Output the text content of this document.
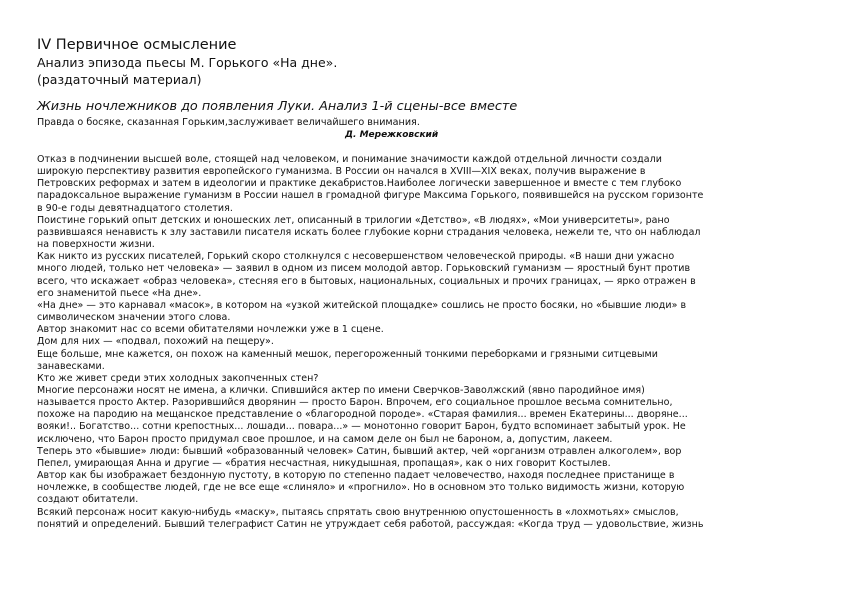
IV Первичное осмысление

Анализ эпизода пьесы М. Горького «На дне».

(раздаточный материал)

Жизнь ночлежников до появления Луки. Анализ 1-й сцены-все вместе

Правда о босяке, сказанная Горьким,заслуживает величайшего внимания.
Д. Мережковский

Отказ в подчинении высшей воле, стоящей над человеком, и понимание значимости каждой отдельной личности создали

широкую перспективу развития европейского гуманизма. В России он начался в XVIII—XIX веках, получив выражение в

Петровских реформах и затем в идеологии и практике декабристов.Наиболее логически завершенное и вместе с тем глубоко

парадоксальное выражение гуманизм в России нашел в громадной фигуре Максима Горького, появившейся на русском горизонте

в 90-е годы девятнадцатого столетия.

Поистине горький опыт детских и юношеских лет, описанный в трилогии «Детство», «В людях», «Мои университеты», рано

развившаяся ненависть к злу заставили писателя искать более глубокие корни страдания человека, нежели те, что он наблюдал

на поверхности жизни.

Как никто из русских писателей, Горький скоро столкнулся с несовершенством человеческой природы. «В наши дни ужасно

много людей, только нет человека» — заявил в одном из писем молодой автор. Горьковский гуманизм — яростный бунт против

всего, что искажает «образ человека», стесняя его в бытовых, национальных, социальных и прочих границах, — ярко отражен в

его знаменитой пьесе «На дне».

«На дне» — это карнавал «масок», в котором на «узкой житейской площадке» сошлись не просто босяки, но «бывшие люди» в

символическом значении этого слова.

Автор знакомит нас со всеми обитателями ночлежки уже в 1 сцене.

Дом для них — «подвал, похожий на пещеру».

Еще больше, мне кажется, он похож на каменный мешок, перегороженный тонкими переборками и грязными ситцевыми

занавесками.

Кто же живет среди этих холодных закопченных стен?

Многие персонажи носят не имена, а клички. Спившийся актер по имени Сверчков-Заволжский (явно пародийное имя)

называется просто Актер. Разорившийся дворянин — просто Барон. Впрочем, его социальное прошлое весьма сомнительно,

похоже на пародию на мещанское представление о «благородной породе». «Старая фамилия... времен Екатерины... дворяне...

вояки!.. Богатство... сотни крепостных... лошади... повара...» — монотонно говорит Барон, будто вспоминает забытый урок. Не

исключено, что Барон просто придумал свое прошлое, и на самом деле он был не бароном, а, допустим, лакеем.

Теперь это «бывшие» люди: бывший «образованный человек» Сатин, бывший актер, чей «организм отравлен алкоголем», вор

Пепел, умирающая Анна и другие — «братия несчастная, никудышная, пропащая», как о них говорит Костылев.

Автор как бы изображает бездонную пустоту, в которую по степенно падает человечество, находя последнее пристанище в

ночлежке, в сообществе людей, где не все еще «слиняло» и «прогнило». Но в основном это только видимость жизни, которую

создают обитатели.

Всякий персонаж носит какую-нибудь «маску», пытаясь спрятать свою внутреннюю опустошенность в «лохмотьях» смыслов,

понятий и определений. Бывший телеграфист Сатин не утруждает себя работой, рассуждая: «Когда труд — удовольствие, жизнь
